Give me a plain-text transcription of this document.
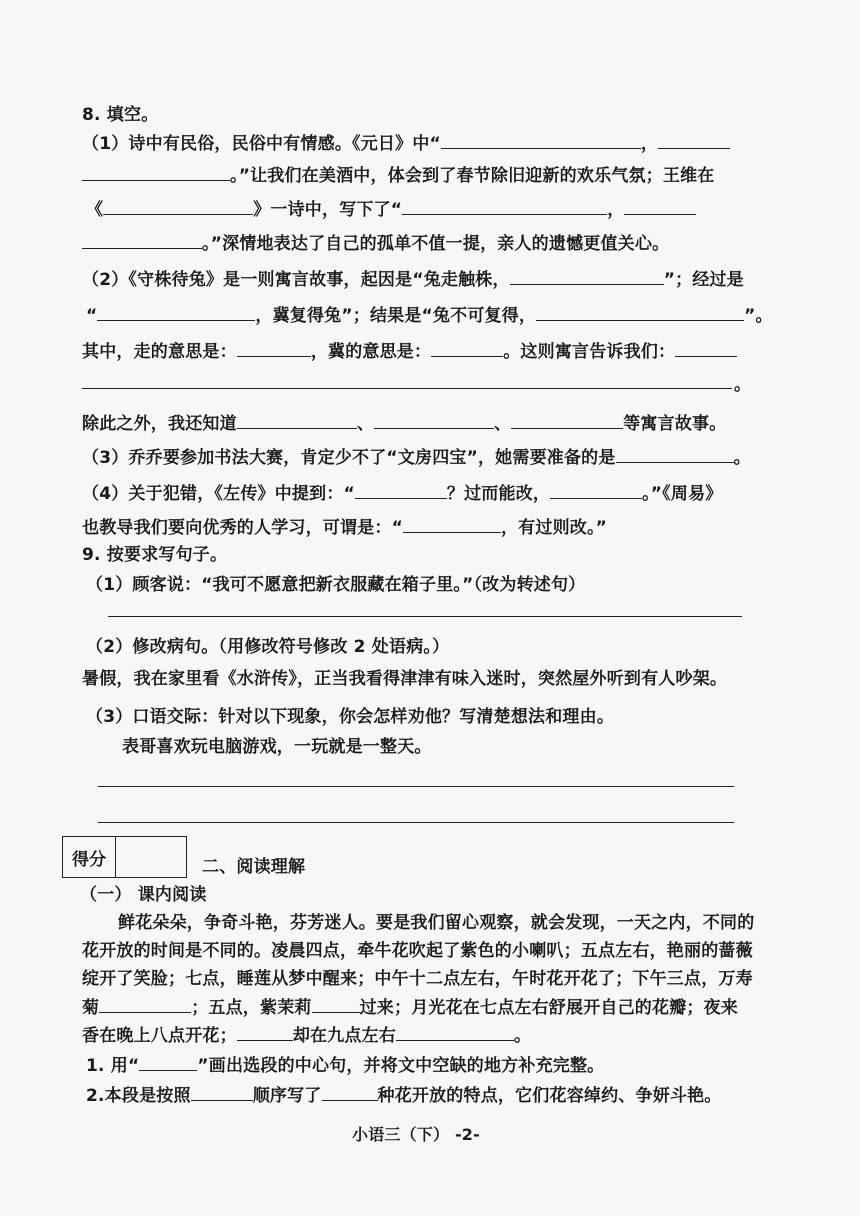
8. 填空。
（1）诗中有民俗，民俗中有情感。《元日》中“	，
。”让我们在美酒中，体会到了春节除旧迎新的欢乐气氛；王维在
《	》一诗中，写下了“	，
。”深情地表达了自己的孤单不值一提，亲人的遗憾更值关心。
（2）《守株待兔》是一则寓言故事，起因是“兔走触株，	”；经过是
“	，冀复得兔”；结果是“兔不可复得，	”。
其中，走的意思是：	，冀的意思是：	。这则寓言告诉我们：
。
除此之外，我还知道	、	、	等寓言故事。
（3）乔乔要参加书法大赛，肯定少不了“文房四宝”，她需要准备的是	。
（4）关于犯错，《左传》中提到：“	？过而能改，	。”《周易》
也教导我们要向优秀的人学习，可谓是：“	，有过则改。”
9. 按要求写句子。
（1）顾客说：“我可不愿意把新衣服藏在箱子里。”（改为转述句）
（2）修改病句。（用修改符号修改 2 处语病。）
暑假，我在家里看《水浒传》，正当我看得津津有味入迷时，突然屋外听到有人吵架。
（3）口语交际：针对以下现象，你会怎样劝他？写清楚想法和理由。
表哥喜欢玩电脑游戏，一玩就是一整天。
得分	二、阅读理解
（一） 课内阅读
鲜花朵朵，争奇斗艳，芬芳迷人。要是我们留心观察，就会发现，一天之内，不同的
花开放的时间是不同的。凌晨四点，牵牛花吹起了紫色的小喇叭；五点左右，艳丽的蔷薇
绽开了笑脸；七点，睡莲从梦中醒来；中午十二点左右，午时花开花了；下午三点，万寿
菊	；五点，紫茉莉	过来；月光花在七点左右舒展开自己的花瓣；夜来
香在晚上八点开花；	却在九点左右	。
1. 用“	”画出选段的中心句，并将文中空缺的地方补充完整。
2.本段是按照	顺序写了	种花开放的特点，它们花容绰约、争妍斗艳。
小语三（下） -2-
